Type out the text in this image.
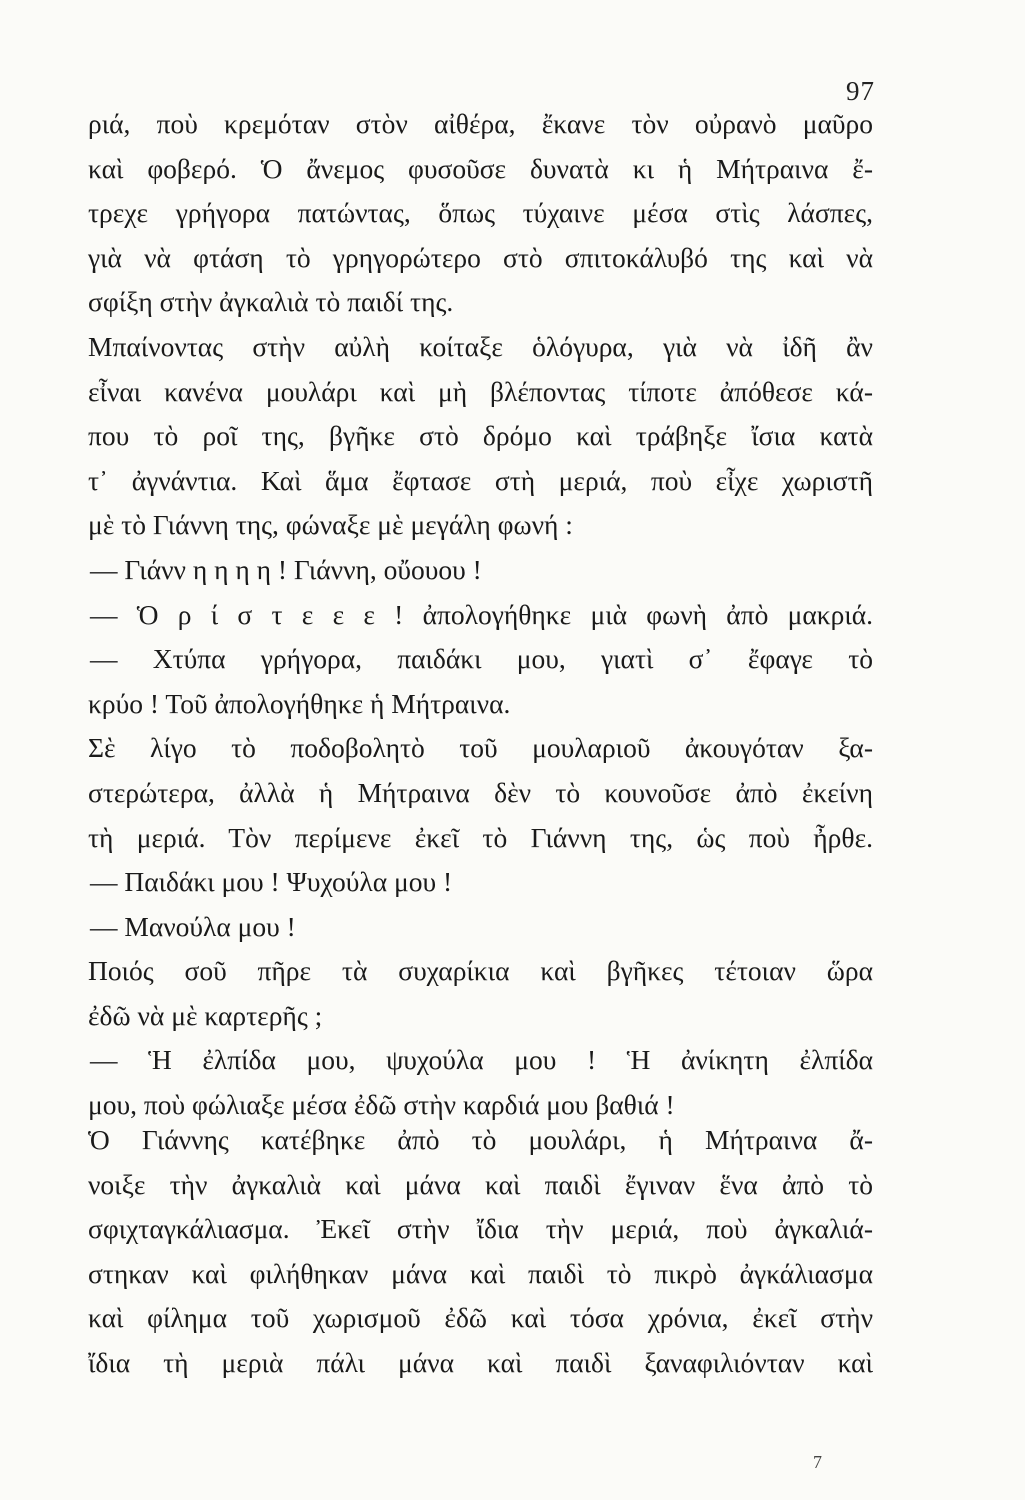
97
ριά, ποὺ κρεμόταν στὸν αἰθέρα, ἔκανε τὸν οὐρανὸ μαῦρο
καὶ φοβερό. Ὁ ἄνεμος φυσοῦσε δυνατὰ κι ἡ Μήτραινα ἔ-
τρεχε γρήγορα πατώντας, ὅπως τύχαινε μέσα στὶς λάσπες,
γιὰ νὰ φτάση τὸ γρηγορώτερο στὸ σπιτοκάλυβό της καὶ νὰ
σφίξη στὴν ἀγκαλιὰ τὸ παιδί της.
Μπαίνοντας στὴν αὐλὴ κοίταξε ὁλόγυρα, γιὰ νὰ ἰδῆ ἂν
εἶναι κανένα μουλάρι καὶ μὴ βλέποντας τίποτε ἀπόθεσε κά-
που τὸ ροῖ της, βγῆκε στὸ δρόμο καὶ τράβηξε ἴσια κατὰ
τ᾽ ἀγνάντια. Καὶ ἅμα ἔφτασε στὴ μεριά, ποὺ εἶχε χωριστῆ
μὲ τὸ Γιάννη της, φώναξε μὲ μεγάλη φωνή :
— Γιάνν η η η η ! Γιάννη, οὔουου !
— Ὁ ρ ί σ τ ε ε ε ! ἀπολογήθηκε μιὰ φωνὴ ἀπὸ μακριά.
— Χτύπα γρήγορα, παιδάκι μου, γιατὶ σ᾽ ἔφαγε τὸ
κρύο ! Τοῦ ἀπολογήθηκε ἡ Μήτραινα.
Σὲ λίγο τὸ ποδοβολητὸ τοῦ μουλαριοῦ ἀκουγόταν ξα-
στερώτερα, ἀλλὰ ἡ Μήτραινα δὲν τὸ κουνοῦσε ἀπὸ ἐκείνη
τὴ μεριά. Τὸν περίμενε ἐκεῖ τὸ Γιάννη της, ὡς ποὺ ἦρθε.
— Παιδάκι μου ! Ψυχούλα μου !
— Μανούλα μου !
Ποιός σοῦ πῆρε τὰ συχαρίκια καὶ βγῆκες τέτοιαν ὥρα
ἐδῶ νὰ μὲ καρτερῆς ;
— Ἡ ἐλπίδα μου, ψυχούλα μου ! Ἡ ἀνίκητη ἐλπίδα
μου, ποὺ φώλιαξε μέσα ἐδῶ στὴν καρδιά μου βαθιά !
Ὁ Γιάννης κατέβηκε ἀπὸ τὸ μουλάρι, ἡ Μήτραινα ἄ-
νοιξε τὴν ἀγκαλιὰ καὶ μάνα καὶ παιδὶ ἔγιναν ἕνα ἀπὸ τὸ
σφιχταγκάλιασμα. Ἐκεῖ στὴν ἴδια τὴν μεριά, ποὺ ἀγκαλιά-
στηκαν καὶ φιλήθηκαν μάνα καὶ παιδὶ τὸ πικρὸ ἀγκάλιασμα
καὶ φίλημα τοῦ χωρισμοῦ ἐδῶ καὶ τόσα χρόνια, ἐκεῖ στὴν
ἴδια τὴ μεριὰ πάλι μάνα καὶ παιδὶ ξαναφιλιόνταν καὶ
7
